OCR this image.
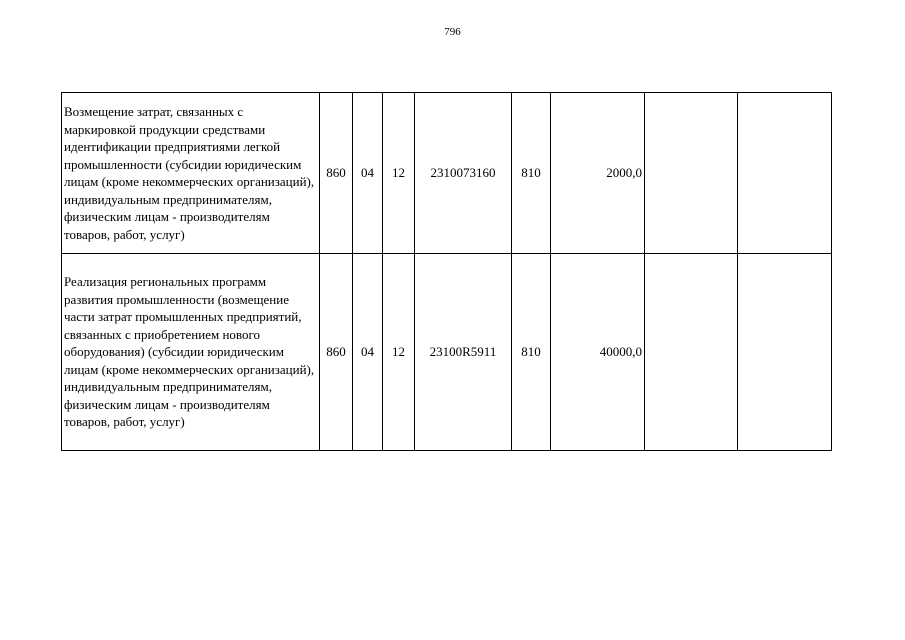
796
Возмещение затрат, связанных с маркировкой продукции средствами идентификации предприятиями легкой промышленности (субсидии юридическим лицам (кроме некоммерческих организаций), индивидуальным предпринимателям, физическим лицам - производителям товаров, работ, услуг)	860	04	12	2310073160	810	2000,0		
Реализация региональных программ развития промышленности (возмещение части затрат промышленных предприятий, связанных с приобретением нового оборудования) (субсидии юридическим лицам (кроме некоммерческих организаций), индивидуальным предпринимателям, физическим лицам - производителям товаров, работ, услуг)	860	04	12	23100R5911	810	40000,0		
